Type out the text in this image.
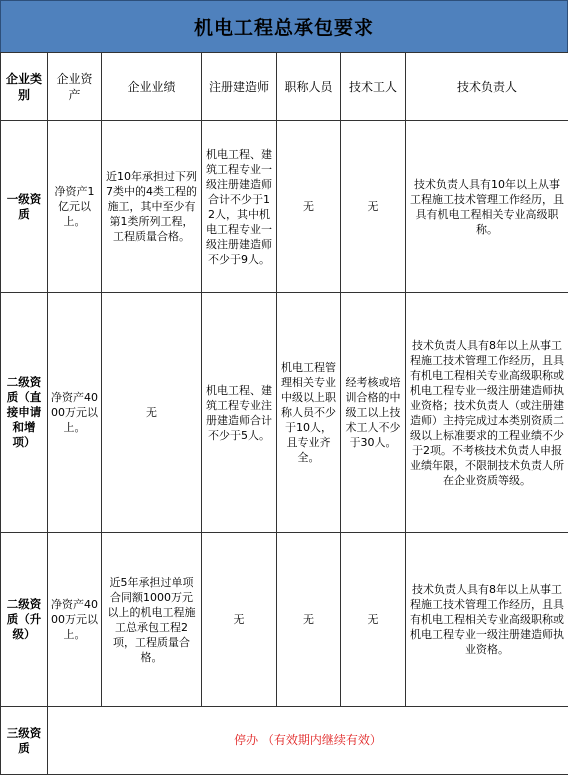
机电工程总承包要求
企业类别	企业资产	企业业绩	注册建造师	职称人员	技术工人	技术负责人
一级资质	净资产1亿元以上。	近10年承担过下列7类中的4类工程的施工，其中至少有第1类所列工程，工程质量合格。	机电工程、建筑工程专业一级注册建造师合计不少于12人，其中机电工程专业一级注册建造师不少于9人。	无	无	技术负责人具有10年以上从事工程施工技术管理工作经历，且具有机电工程相关专业高级职称。
二级资质（直接申请和增项）	净资产4000万元以上。	无	机电工程、建筑工程专业注册建造师合计不少于5人。	机电工程管理相关专业中级以上职称人员不少于10人，且专业齐全。	经考核或培训合格的中级工以上技术工人不少于30人。	技术负责人具有8年以上从事工程施工技术管理工作经历，且具有机电工程相关专业高级职称或机电工程专业一级注册建造师执业资格；技术负责人（或注册建造师）主持完成过本类别资质二级以上标准要求的工程业绩不少于2项。不考核技术负责人申报业绩年限，不限制技术负责人所在企业资质等级。
二级资质（升级）	净资产4000万元以上。	近5年承担过单项合同额1000万元以上的机电工程施工总承包工程2项，工程质量合格。	无	无	无	技术负责人具有8年以上从事工程施工技术管理工作经历，且具有机电工程相关专业高级职称或机电工程专业一级注册建造师执业资格。
三级资质	停办 （有效期内继续有效）					
